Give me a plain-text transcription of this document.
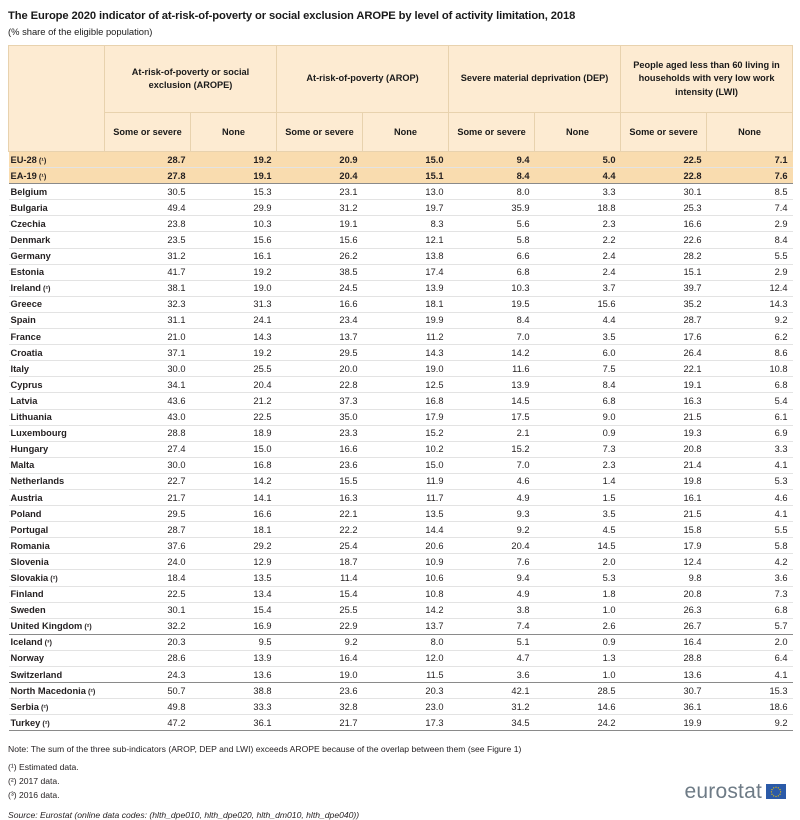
The Europe 2020 indicator of at-risk-of-poverty or social exclusion AROPE by level of activity limitation, 2018
(% share of the eligible population)
	At-risk-of-poverty or social exclusion (AROPE)		At-risk-of-poverty (AROP)		Severe material deprivation (DEP)		People aged less than 60 living in households with very low work intensity (LWI)	
	Some or severe	None	Some or severe	None	Some or severe	None	Some or severe	None
EU-28 (¹)	28.7	19.2	20.9	15.0	9.4	5.0	22.5	7.1
EA-19 (¹)	27.8	19.1	20.4	15.1	8.4	4.4	22.8	7.6
Belgium	30.5	15.3	23.1	13.0	8.0	3.3	30.1	8.5
Bulgaria	49.4	29.9	31.2	19.7	35.9	18.8	25.3	7.4
Czechia	23.8	10.3	19.1	8.3	5.6	2.3	16.6	2.9
Denmark	23.5	15.6	15.6	12.1	5.8	2.2	22.6	8.4
Germany	31.2	16.1	26.2	13.8	6.6	2.4	28.2	5.5
Estonia	41.7	19.2	38.5	17.4	6.8	2.4	15.1	2.9
Ireland (²)	38.1	19.0	24.5	13.9	10.3	3.7	39.7	12.4
Greece	32.3	31.3	16.6	18.1	19.5	15.6	35.2	14.3
Spain	31.1	24.1	23.4	19.9	8.4	4.4	28.7	9.2
France	21.0	14.3	13.7	11.2	7.0	3.5	17.6	6.2
Croatia	37.1	19.2	29.5	14.3	14.2	6.0	26.4	8.6
Italy	30.0	25.5	20.0	19.0	11.6	7.5	22.1	10.8
Cyprus	34.1	20.4	22.8	12.5	13.9	8.4	19.1	6.8
Latvia	43.6	21.2	37.3	16.8	14.5	6.8	16.3	5.4
Lithuania	43.0	22.5	35.0	17.9	17.5	9.0	21.5	6.1
Luxembourg	28.8	18.9	23.3	15.2	2.1	0.9	19.3	6.9
Hungary	27.4	15.0	16.6	10.2	15.2	7.3	20.8	3.3
Malta	30.0	16.8	23.6	15.0	7.0	2.3	21.4	4.1
Netherlands	22.7	14.2	15.5	11.9	4.6	1.4	19.8	5.3
Austria	21.7	14.1	16.3	11.7	4.9	1.5	16.1	4.6
Poland	29.5	16.6	22.1	13.5	9.3	3.5	21.5	4.1
Portugal	28.7	18.1	22.2	14.4	9.2	4.5	15.8	5.5
Romania	37.6	29.2	25.4	20.6	20.4	14.5	17.9	5.8
Slovenia	24.0	12.9	18.7	10.9	7.6	2.0	12.4	4.2
Slovakia (²)	18.4	13.5	11.4	10.6	9.4	5.3	9.8	3.6
Finland	22.5	13.4	15.4	10.8	4.9	1.8	20.8	7.3
Sweden	30.1	15.4	25.5	14.2	3.8	1.0	26.3	6.8
United Kingdom (²)	32.2	16.9	22.9	13.7	7.4	2.6	26.7	5.7
Iceland (³)	20.3	9.5	9.2	8.0	5.1	0.9	16.4	2.0
Norway	28.6	13.9	16.4	12.0	4.7	1.3	28.8	6.4
Switzerland	24.3	13.6	19.0	11.5	3.6	1.0	13.6	4.1
North Macedonia (²)	50.7	38.8	23.6	20.3	42.1	28.5	30.7	15.3
Serbia (²)	49.8	33.3	32.8	23.0	31.2	14.6	36.1	18.6
Turkey (²)	47.2	36.1	21.7	17.3	34.5	24.2	19.9	9.2
Note: The sum of the three sub-indicators (AROP, DEP and LWI) exceeds AROPE because of the overlap between them (see Figure 1)
(¹) Estimated data.
(²) 2017 data.
(³) 2016 data.
Source: Eurostat (online data codes: (hlth_dpe010, hlth_dpe020, hlth_dm010, hlth_dpe040))
eurostat
